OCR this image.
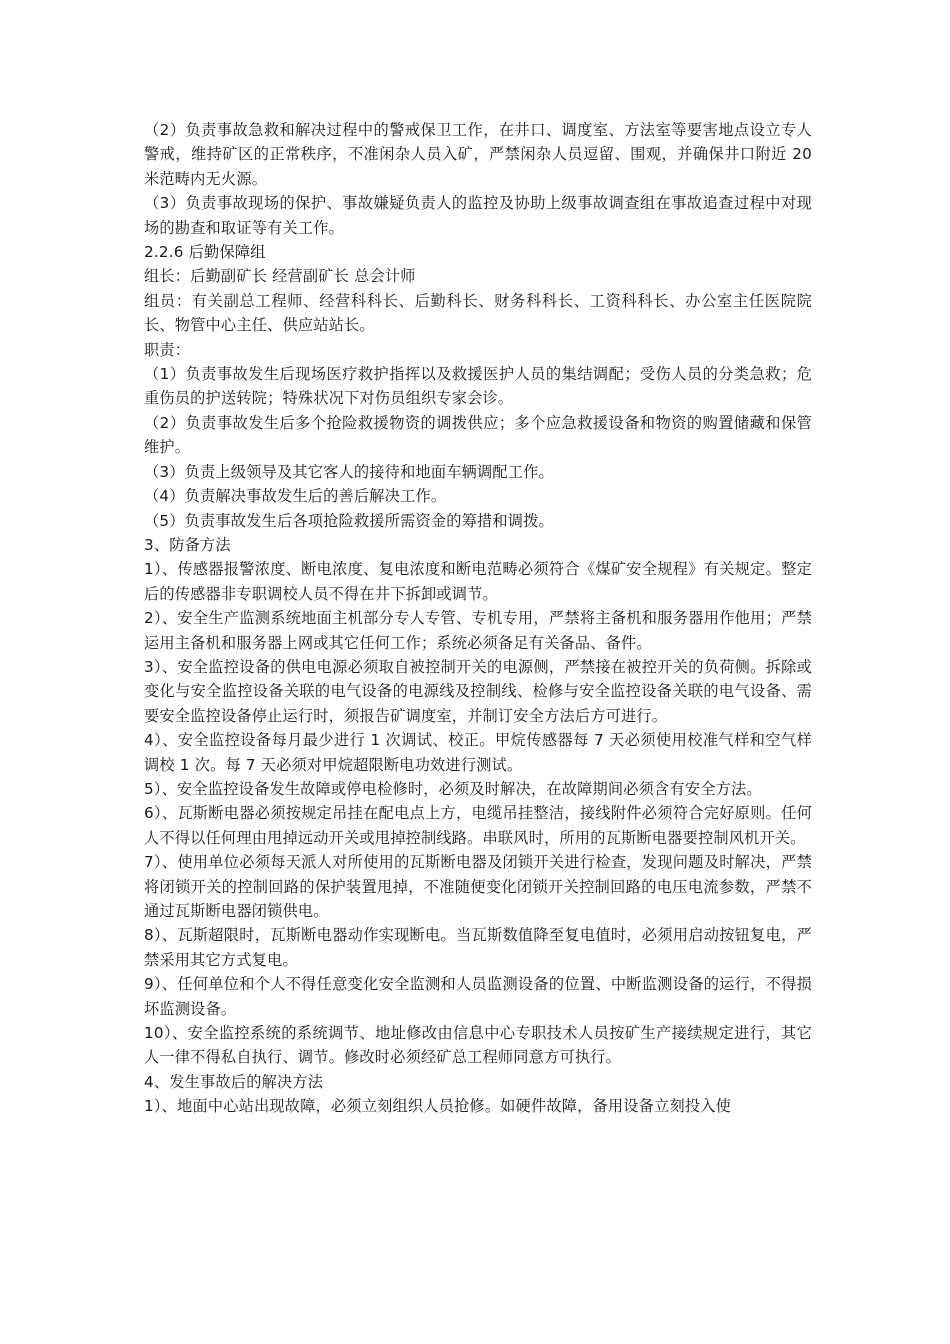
（2）负责事故急救和解决过程中的警戒保卫工作，在井口、调度室、方法室等要害地点设立专人警戒，维持矿区的正常秩序，不准闲杂人员入矿，严禁闲杂人员逗留、围观，并确保井口附近 20 米范畴内无火源。

（3）负责事故现场的保护、事故嫌疑负责人的监控及协助上级事故调查组在事故追查过程中对现场的勘查和取证等有关工作。

2.2.6 后勤保障组

组长：后勤副矿长 经营副矿长 总会计师

组员：有关副总工程师、经营科科长、后勤科长、财务科科长、工资科科长、办公室主任医院院长、物管中心主任、供应站站长。

职责：

（1）负责事故发生后现场医疗救护指挥以及救援医护人员的集结调配；受伤人员的分类急救；危重伤员的护送转院；特殊状况下对伤员组织专家会诊。

（2）负责事故发生后多个抢险救援物资的调拨供应；多个应急救援设备和物资的购置储藏和保管维护。

（3）负责上级领导及其它客人的接待和地面车辆调配工作。

（4）负责解决事故发生后的善后解决工作。

（5）负责事故发生后各项抢险救援所需资金的筹措和调拨。

3、防备方法

1）、传感器报警浓度、断电浓度、复电浓度和断电范畴必须符合《煤矿安全规程》有关规定。整定后的传感器非专职调校人员不得在井下拆卸或调节。

2）、安全生产监测系统地面主机部分专人专管、专机专用，严禁将主备机和服务器用作他用；严禁运用主备机和服务器上网或其它任何工作；系统必须备足有关备品、备件。

3）、安全监控设备的供电电源必须取自被控制开关的电源侧，严禁接在被控开关的负荷侧。拆除或变化与安全监控设备关联的电气设备的电源线及控制线、检修与安全监控设备关联的电气设备、需要安全监控设备停止运行时，须报告矿调度室，并制订安全方法后方可进行。

4）、安全监控设备每月最少进行 1 次调试、校正。甲烷传感器每 7 天必须使用校准气样和空气样调校 1 次。每 7 天必须对甲烷超限断电功效进行测试。

5）、安全监控设备发生故障或停电检修时，必须及时解决，在故障期间必须含有安全方法。

6）、瓦斯断电器必须按规定吊挂在配电点上方，电缆吊挂整洁，接线附件必须符合完好原则。任何人不得以任何理由甩掉远动开关或甩掉控制线路。串联风时，所用的瓦斯断电器要控制风机开关。

7）、使用单位必须每天派人对所使用的瓦斯断电器及闭锁开关进行检查，发现问题及时解决，严禁将闭锁开关的控制回路的保护装置甩掉，不准随便变化闭锁开关控制回路的电压电流参数，严禁不通过瓦斯断电器闭锁供电。

8）、瓦斯超限时，瓦斯断电器动作实现断电。当瓦斯数值降至复电值时，必须用启动按钮复电，严禁采用其它方式复电。

9）、任何单位和个人不得任意变化安全监测和人员监测设备的位置、中断监测设备的运行，不得损坏监测设备。

10）、安全监控系统的系统调节、地址修改由信息中心专职技术人员按矿生产接续规定进行，其它人一律不得私自执行、调节。修改时必须经矿总工程师同意方可执行。

4、发生事故后的解决方法

1）、地面中心站出现故障，必须立刻组织人员抢修。如硬件故障，备用设备立刻投入使
